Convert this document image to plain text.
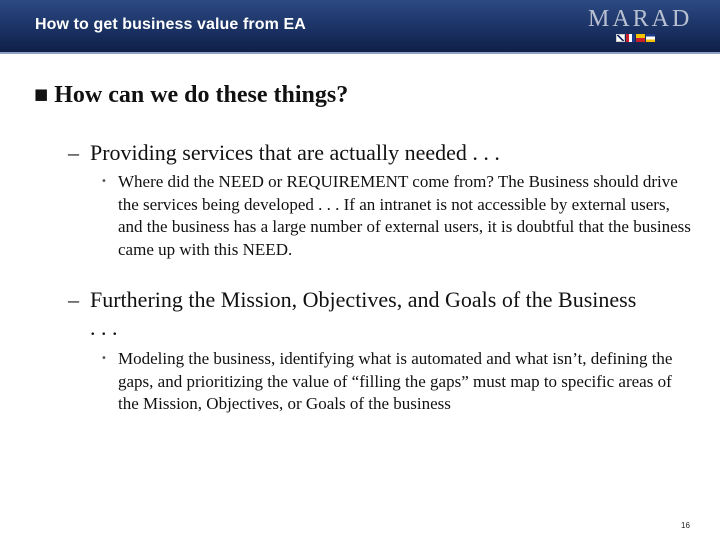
How to get business value from EA	MARAD
■ How can we do these things?
– Providing services that are actually needed . . .
• Where did the NEED or REQUIREMENT come from? The Business should drive the services being developed . . . If an intranet is not accessible by external users, and the business has a large number of external users, it is doubtful that the business came up with this NEED.
– Furthering the Mission, Objectives, and Goals of the Business
. . .
• Modeling the business, identifying what is automated and what isn’t, defining the gaps, and prioritizing the value of “filling the gaps” must map to specific areas of the Mission, Objectives, or Goals of the business
16
